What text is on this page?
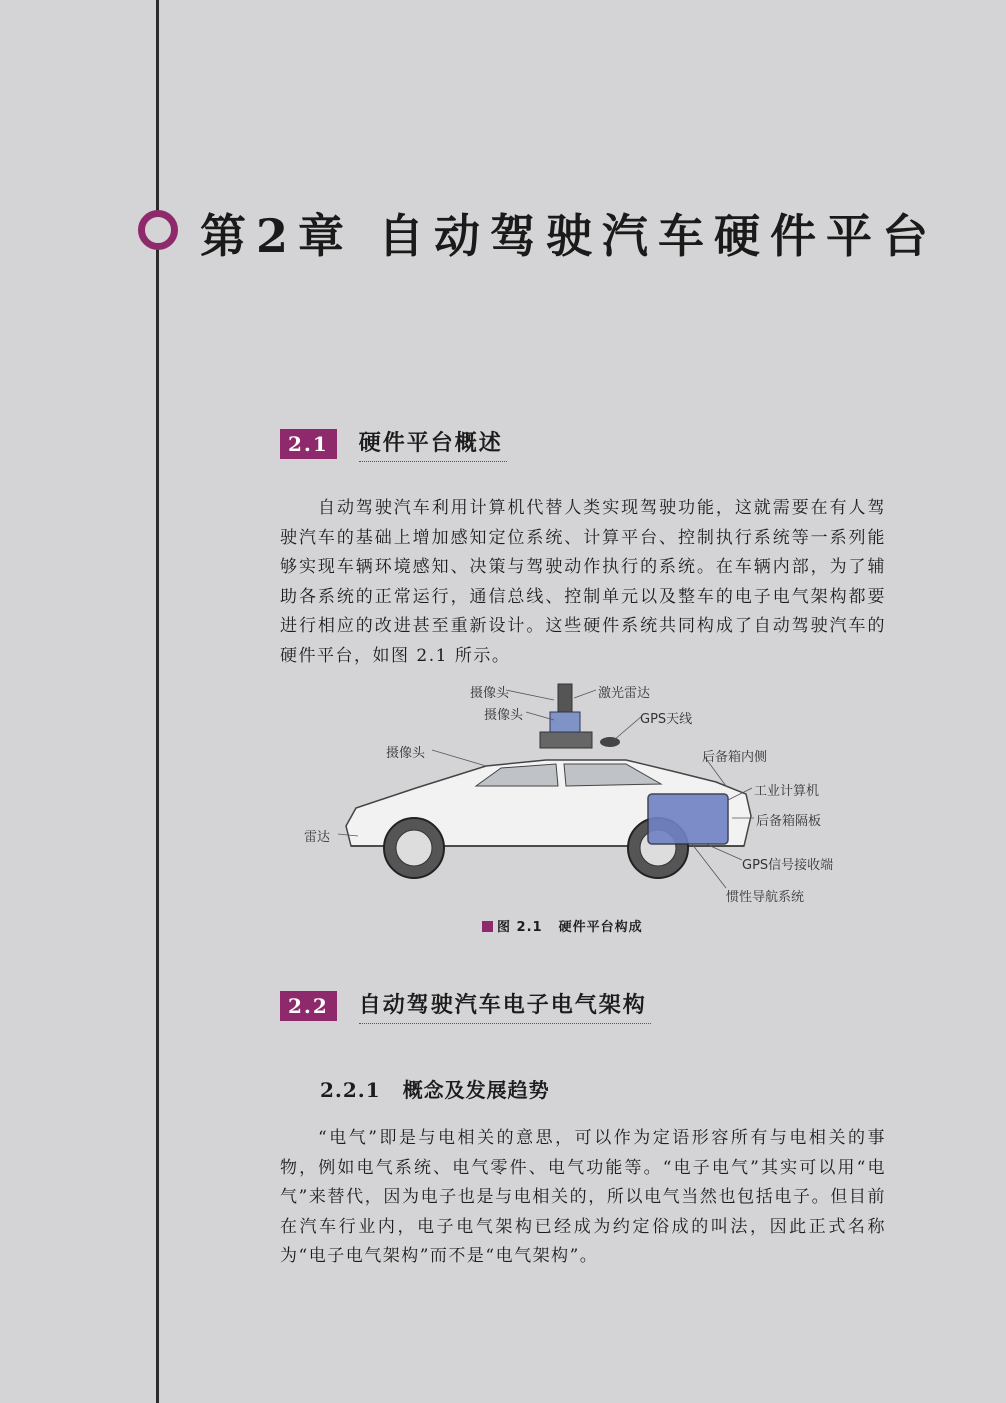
第2章 自动驾驶汽车硬件平台
2.1	硬件平台概述
自动驾驶汽车利用计算机代替人类实现驾驶功能，这就需要在有人驾驶汽车的基础上增加感知定位系统、计算平台、控制执行系统等一系列能够实现车辆环境感知、决策与驾驶动作执行的系统。在车辆内部，为了辅助各系统的正常运行，通信总线、控制单元以及整车的电子电气架构都要进行相应的改进甚至重新设计。这些硬件系统共同构成了自动驾驶汽车的硬件平台，如图 2.1 所示。
摄像头
摄像头
激光雷达
GPS天线
摄像头	后备箱内侧
工业计算机
后备箱隔板
雷达
GPS信号接收端
惯性导航系统
图 2.1 硬件平台构成
2.2	自动驾驶汽车电子电气架构
2.2.1 概念及发展趋势
“电气”即是与电相关的意思，可以作为定语形容所有与电相关的事物，例如电气系统、电气零件、电气功能等。“电子电气”其实可以用“电气”来替代，因为电子也是与电相关的，所以电气当然也包括电子。但目前在汽车行业内，电子电气架构已经成为约定俗成的叫法，因此正式名称为“电子电气架构”而不是“电气架构”。
